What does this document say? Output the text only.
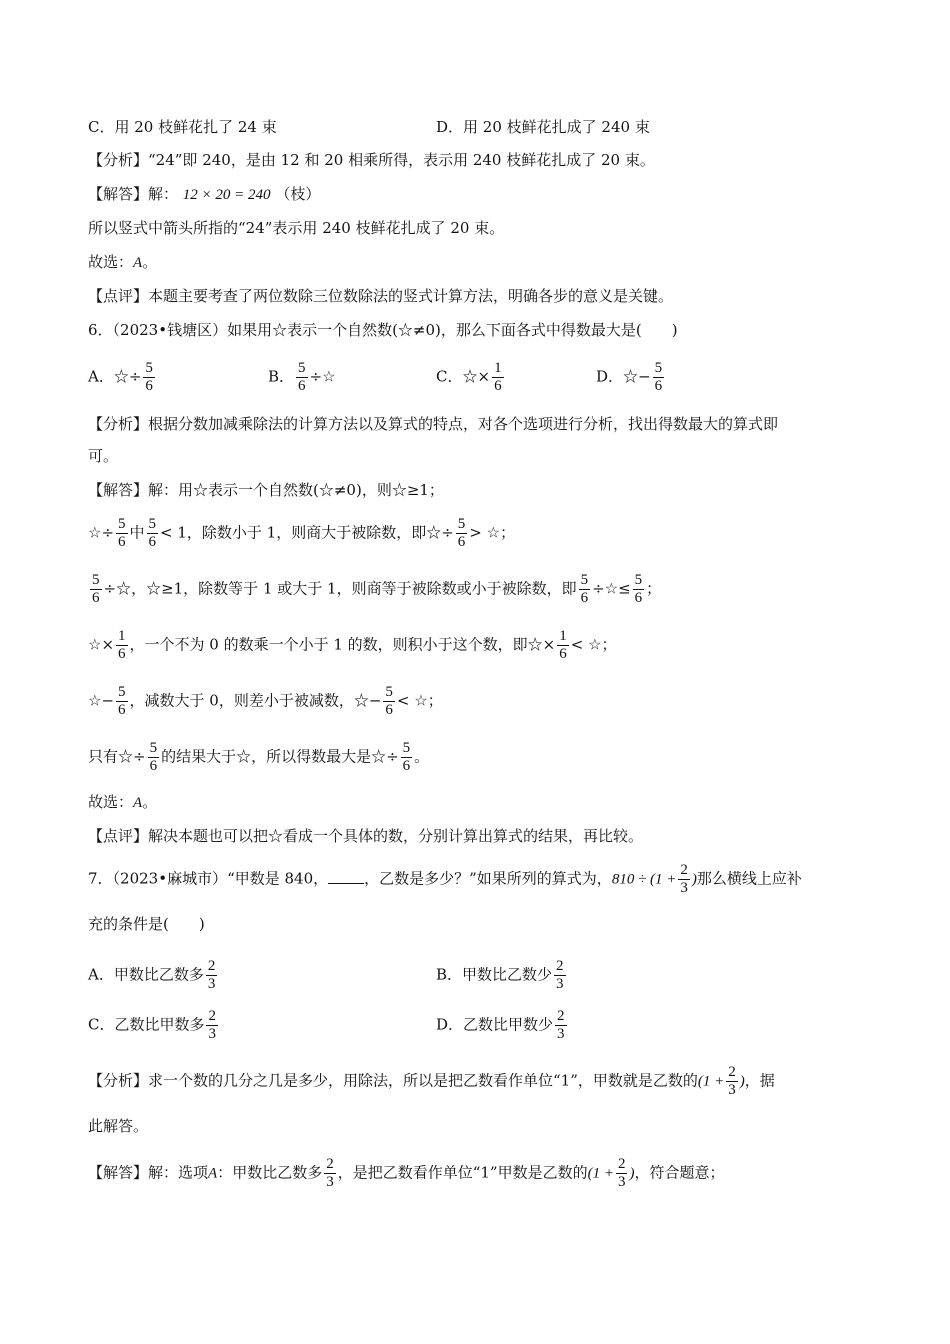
C．用 20 枝鲜花扎了 24 束	D．用 20 枝鲜花扎成了 240 束
【分析】“24”即 240，是由 12 和 20 相乘所得，表示用 240 枝鲜花扎成了 20 束。
【解答】解： 12 × 20 = 240 （枝）
所以竖式中箭头所指的“24”表示用 240 枝鲜花扎成了 20 束。
故选：A。
【点评】本题主要考查了两位数除三位数除法的竖式计算方法，明确各步的意义是关键。
6．（2023•钱塘区）如果用☆表示一个自然数(☆≠0)，那么下面各式中得数最大是(　　)
A．☆÷ $\frac{5}{6}$	B． $\frac{5}{6}$ ÷☆	C．☆× $\frac{1}{6}$	D．☆− $\frac{5}{6}$
【分析】根据分数加减乘除法的计算方法以及算式的特点，对各个选项进行分析，找出得数最大的算式即
可。
【解答】解：用☆表示一个自然数(☆≠0)，则☆≥1；
☆÷ $\frac{5}{6}$ 中 $\frac{5}{6} < 1$，除数小于 1，则商大于被除数，即☆÷ $\frac{5}{6}$ > ☆；
$\frac{5}{6}$ ÷☆，☆≥1，除数等于 1 或大于 1，则商等于被除数或小于被除数，即 $\frac{5}{6}$ ÷☆≤ $\frac{5}{6}$ ；
☆× $\frac{1}{6}$ ，一个不为 0 的数乘一个小于 1 的数，则积小于这个数，即☆× $\frac{1}{6}$ < ☆；
☆− $\frac{5}{6}$ ，减数大于 0，则差小于被减数，☆− $\frac{5}{6}$ < ☆；
只有☆÷ $\frac{5}{6}$ 的结果大于☆，所以得数最大是☆÷ $\frac{5}{6}$ 。
故选：A。
【点评】解决本题也可以把☆看成一个具体的数，分别计算出算式的结果，再比较。
7．（2023•麻城市）“甲数是 840， ，乙数是多少？”如果所列的算式为，$810 \div (1 + \frac{2}{3}$ )那么横线上应补
充的条件是(　　)
A．甲数比乙数多 $\frac{2}{3}$	B．甲数比乙数少 $\frac{2}{3}$
C．乙数比甲数多 $\frac{2}{3}$	D．乙数比甲数少 $\frac{2}{3}$
【分析】求一个数的几分之几是多少，用除法，所以是把乙数看作单位“1”，甲数就是乙数的($1 + \frac{2}{3}$ )，据
此解答。
【解答】解：选项A：甲数比乙数多 $\frac{2}{3}$ ，是把乙数看作单位“1”甲数是乙数的($1 + \frac{2}{3}$ )，符合题意；
